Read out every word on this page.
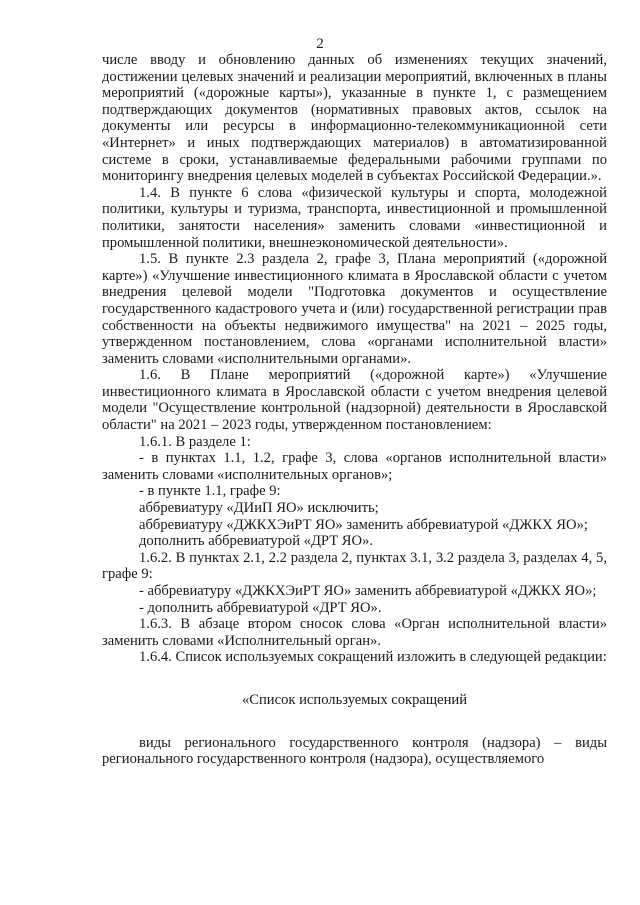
2

числе вводу и обновлению данных об изменениях текущих значений, достижении целевых значений и реализации мероприятий, включенных в планы мероприятий («дорожные карты»), указанные в пункте 1, с размещением подтверждающих документов (нормативных правовых актов, ссылок на документы или ресурсы в информационно-телекоммуникационной сети «Интернет» и иных подтверждающих материалов) в автоматизированной системе в сроки, устанавливаемые федеральными рабочими группами по мониторингу внедрения целевых моделей в субъектах Российской Федерации.».

1.4. В пункте 6 слова «физической культуры и спорта, молодежной политики, культуры и туризма, транспорта, инвестиционной и промышленной политики, занятости населения» заменить словами «инвестиционной и промышленной политики, внешнеэкономической деятельности».

1.5. В пункте 2.3 раздела 2, графе 3, Плана мероприятий («дорожной карте») «Улучшение инвестиционного климата в Ярославской области с учетом внедрения целевой модели "Подготовка документов и осуществление государственного кадастрового учета и (или) государственной регистрации прав собственности на объекты недвижимого имущества" на 2021 – 2025 годы, утвержденном постановлением, слова «органами исполнительной власти» заменить словами «исполнительными органами».

1.6. В Плане мероприятий («дорожной карте») «Улучшение инвестиционного климата в Ярославской области с учетом внедрения целевой модели "Осуществление контрольной (надзорной) деятельности в Ярославской области" на 2021 – 2023 годы, утвержденном постановлением:

1.6.1. В разделе 1:

- в пунктах 1.1, 1.2, графе 3, слова «органов исполнительной власти» заменить словами «исполнительных органов»;

- в пункте 1.1, графе 9:

аббревиатуру «ДИиП ЯО» исключить;

аббревиатуру «ДЖКХЭиРТ ЯО» заменить аббревиатурой «ДЖКХ ЯО»;

дополнить аббревиатурой «ДРТ ЯО».

1.6.2. В пунктах 2.1, 2.2 раздела 2, пунктах 3.1, 3.2 раздела 3, разделах 4, 5, графе 9:

- аббревиатуру «ДЖКХЭиРТ ЯО» заменить аббревиатурой «ДЖКХ ЯО»;

- дополнить аббревиатурой «ДРТ ЯО».

1.6.3. В абзаце втором сносок слова «Орган исполнительной власти» заменить словами «Исполнительный орган».

1.6.4. Список используемых сокращений изложить в следующей редакции:

«Список используемых сокращений

виды регионального государственного контроля (надзора) – виды регионального государственного контроля (надзора), осуществляемого
